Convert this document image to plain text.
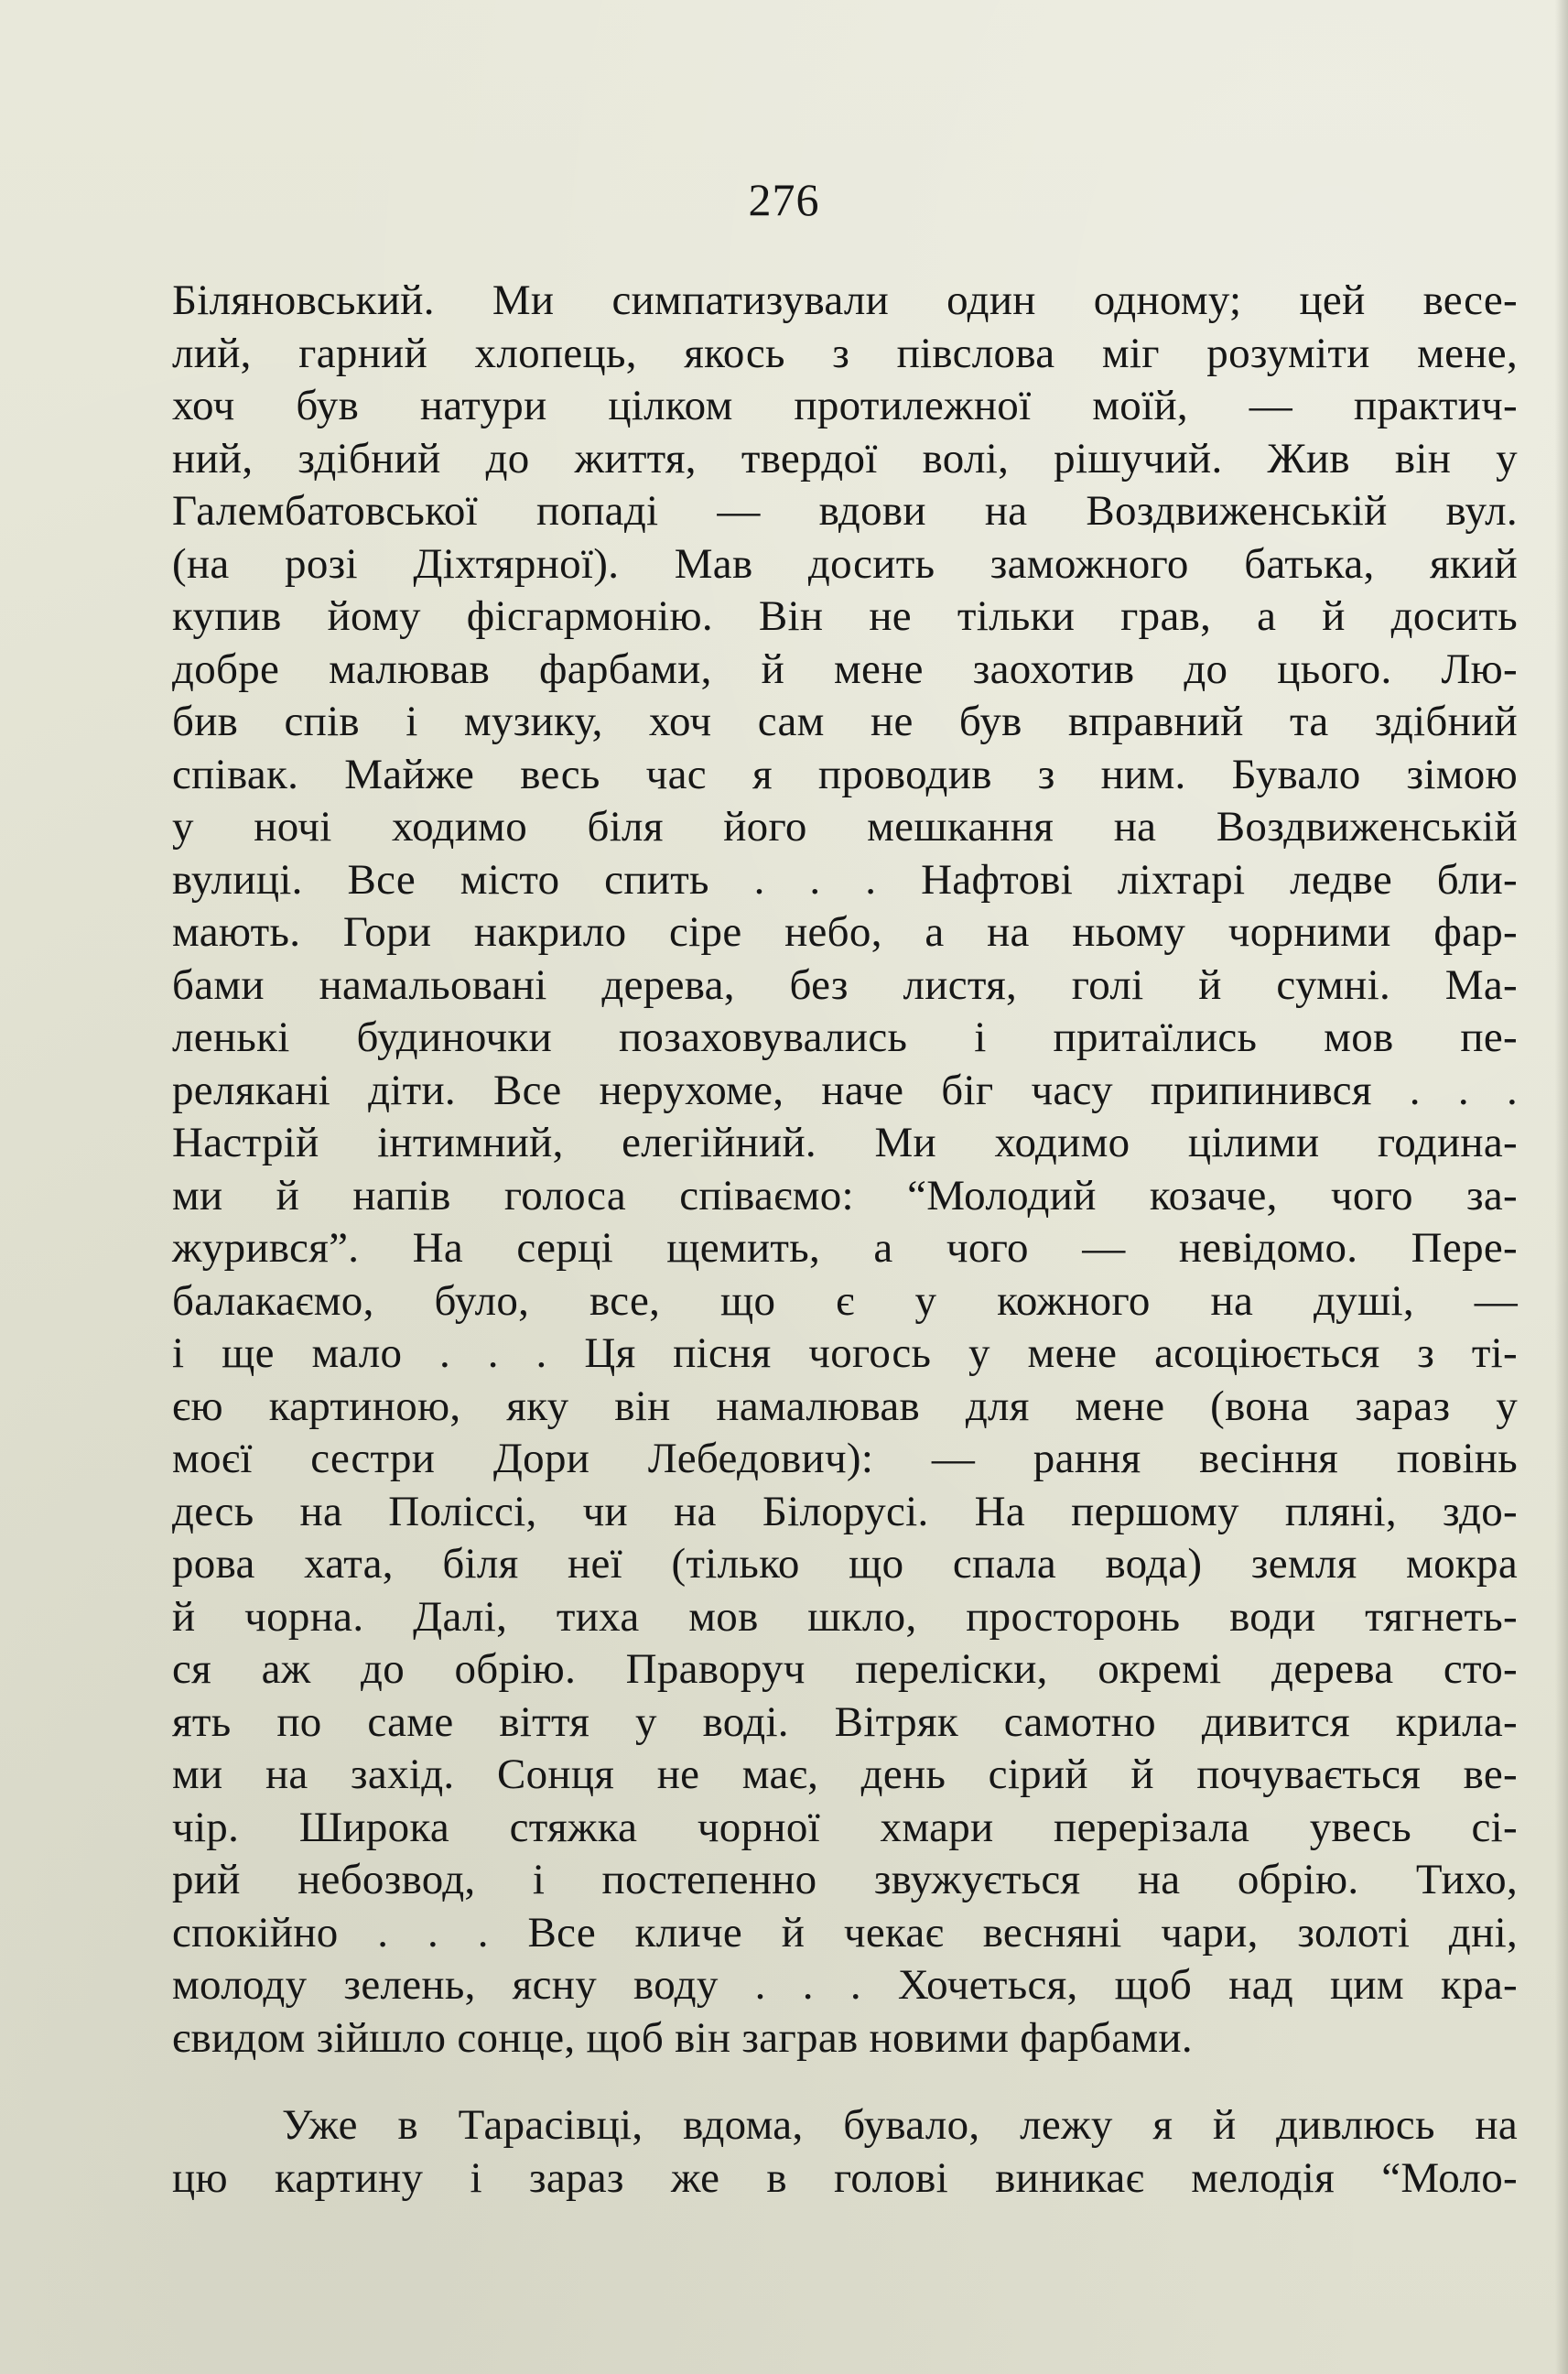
276
Біляновський. Ми симпатизували один одному; цей весе-
лий, гарний хлопець, якось з півслова міг розуміти мене,
хоч був натури цілком протилежної моїй, — практич-
ний, здібний до життя, твердої волі, рішучий. Жив він у
Галембатовської попаді — вдови на Воздвиженській вул.
(на розі Діхтярної). Мав досить заможного батька, який
купив йому фісгармонію. Він не тільки грав, а й досить
добре малював фарбами, й мене заохотив до цього. Лю-
бив спів і музику, хоч сам не був вправний та здібний
співак. Майже весь час я проводив з ним. Бувало зімою
у ночі ходимо біля його мешкання на Воздвиженській
вулиці. Все місто спить . . . Нафтові ліхтарі ледве бли-
мають. Гори накрило сіре небо, а на ньому чорними фар-
бами намальовані дерева, без листя, голі й сумні. Ма-
ленькі будиночки позаховувались і притаїлись мов пе-
релякані діти. Все нерухоме, наче біг часу припинився . . .
Настрій інтимний, елегійний. Ми ходимо цілими година-
ми й напів голоса співаємо: “Молодий козаче, чого за-
журився”. На серці щемить, а чого — невідомо. Пере-
балакаємо, було, все, що є у кожного на душі, —
і ще мало . . . Ця пісня чогось у мене асоціюється з ті-
єю картиною, яку він намалював для мене (вона зараз у
моєї сестри Дори Лебедович): — рання весіння повінь
десь на Поліссі, чи на Білорусі. На першому пляні, здо-
рова хата, біля неї (тілько що спала вода) земля мокра
й чорна. Далі, тиха мов шкло, просторонь води тягнеть-
ся аж до обрію. Праворуч переліски, окремі дерева сто-
ять по саме віття у воді. Вітряк самотно дивится крила-
ми на захід. Сонця не має, день сірий й почувається ве-
чір. Широка стяжка чорної хмари перерізала увесь сі-
рий небозвод, і постепенно звужується на обрію. Тихо,
спокійно . . . Все кличе й чекає весняні чари, золоті дні,
молоду зелень, ясну воду . . . Хочеться, щоб над цим кра-
євидом зійшло сонце, щоб він заграв новими фарбами.
Уже в Тарасівці, вдома, бувало, лежу я й дивлюсь на
цю картину і зараз же в голові виникає мелодія “Моло-
